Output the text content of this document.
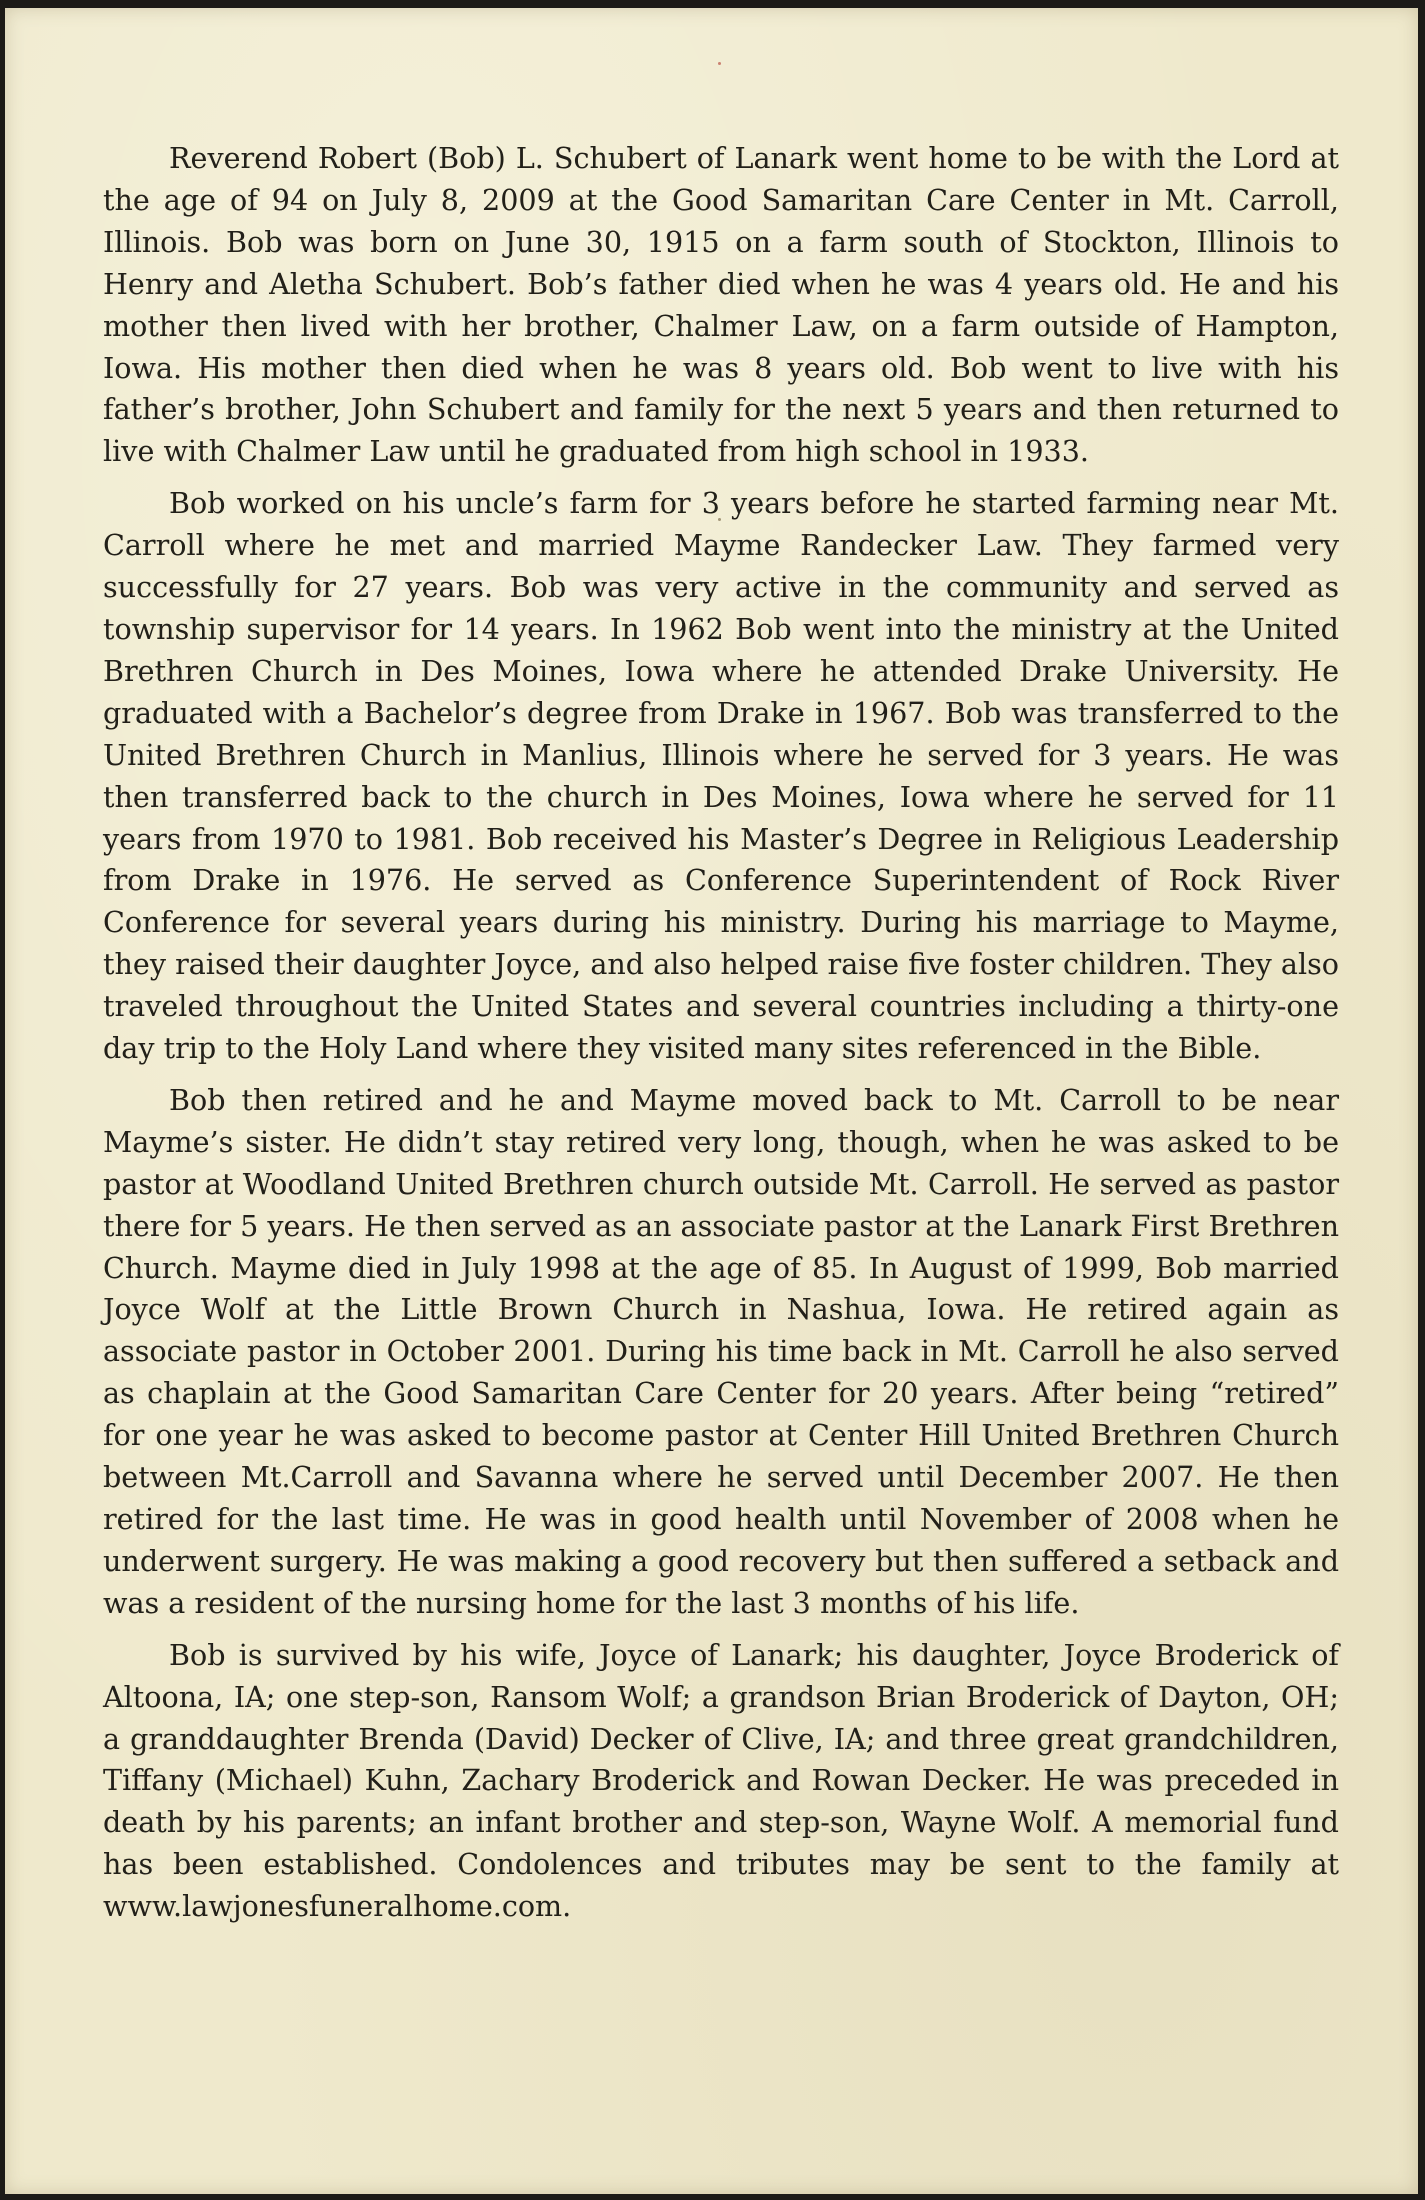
Reverend Robert (Bob) L. Schubert of Lanark went home to be with the Lord at the age of 94 on July 8, 2009 at the Good Samaritan Care Center in Mt. Carroll, Illinois. Bob was born on June 30, 1915 on a farm south of Stockton, Illinois to Henry and Aletha Schubert. Bob’s father died when he was 4 years old. He and his mother then lived with her brother, Chalmer Law, on a farm outside of Hampton, Iowa. His mother then died when he was 8 years old. Bob went to live with his father’s brother, John Schubert and family for the next 5 years and then returned to live with Chalmer Law until he graduated from high school in 1933.

Bob worked on his uncle’s farm for 3 years before he started farming near Mt. Carroll where he met and married Mayme Randecker Law. They farmed very successfully for 27 years. Bob was very active in the community and served as township supervisor for 14 years. In 1962 Bob went into the ministry at the United Brethren Church in Des Moines, Iowa where he attended Drake University. He graduated with a Bachelor’s degree from Drake in 1967. Bob was transferred to the United Brethren Church in Manlius, Illinois where he served for 3 years. He was then transferred back to the church in Des Moines, Iowa where he served for 11 years from 1970 to 1981. Bob received his Master’s Degree in Religious Leadership from Drake in 1976. He served as Conference Superintendent of Rock River Conference for several years during his ministry. During his marriage to Mayme, they raised their daughter Joyce, and also helped raise five foster children. They also traveled throughout the United States and several countries including a thirty-one day trip to the Holy Land where they visited many sites referenced in the Bible.

Bob then retired and he and Mayme moved back to Mt. Carroll to be near Mayme’s sister. He didn’t stay retired very long, though, when he was asked to be pastor at Woodland United Brethren church outside Mt. Carroll. He served as pastor there for 5 years. He then served as an associate pastor at the Lanark First Brethren Church. Mayme died in July 1998 at the age of 85. In August of 1999, Bob married Joyce Wolf at the Little Brown Church in Nashua, Iowa. He retired again as associate pastor in October 2001. During his time back in Mt. Carroll he also served as chaplain at the Good Samaritan Care Center for 20 years. After being “retired” for one year he was asked to become pastor at Center Hill United Brethren Church between Mt.Carroll and Savanna where he served until December 2007. He then retired for the last time. He was in good health until November of 2008 when he underwent surgery. He was making a good recovery but then suffered a setback and was a resident of the nursing home for the last 3 months of his life.

Bob is survived by his wife, Joyce of Lanark; his daughter, Joyce Broderick of Altoona, IA; one step-son, Ransom Wolf; a grandson Brian Broderick of Dayton, OH; a granddaughter Brenda (David) Decker of Clive, IA; and three great grandchildren, Tiffany (Michael) Kuhn, Zachary Broderick and Rowan Decker. He was preceded in death by his parents; an infant brother and step-son, Wayne Wolf. A memorial fund has been established. Condolences and tributes may be sent to the family at www.lawjonesfuneralhome.com.
